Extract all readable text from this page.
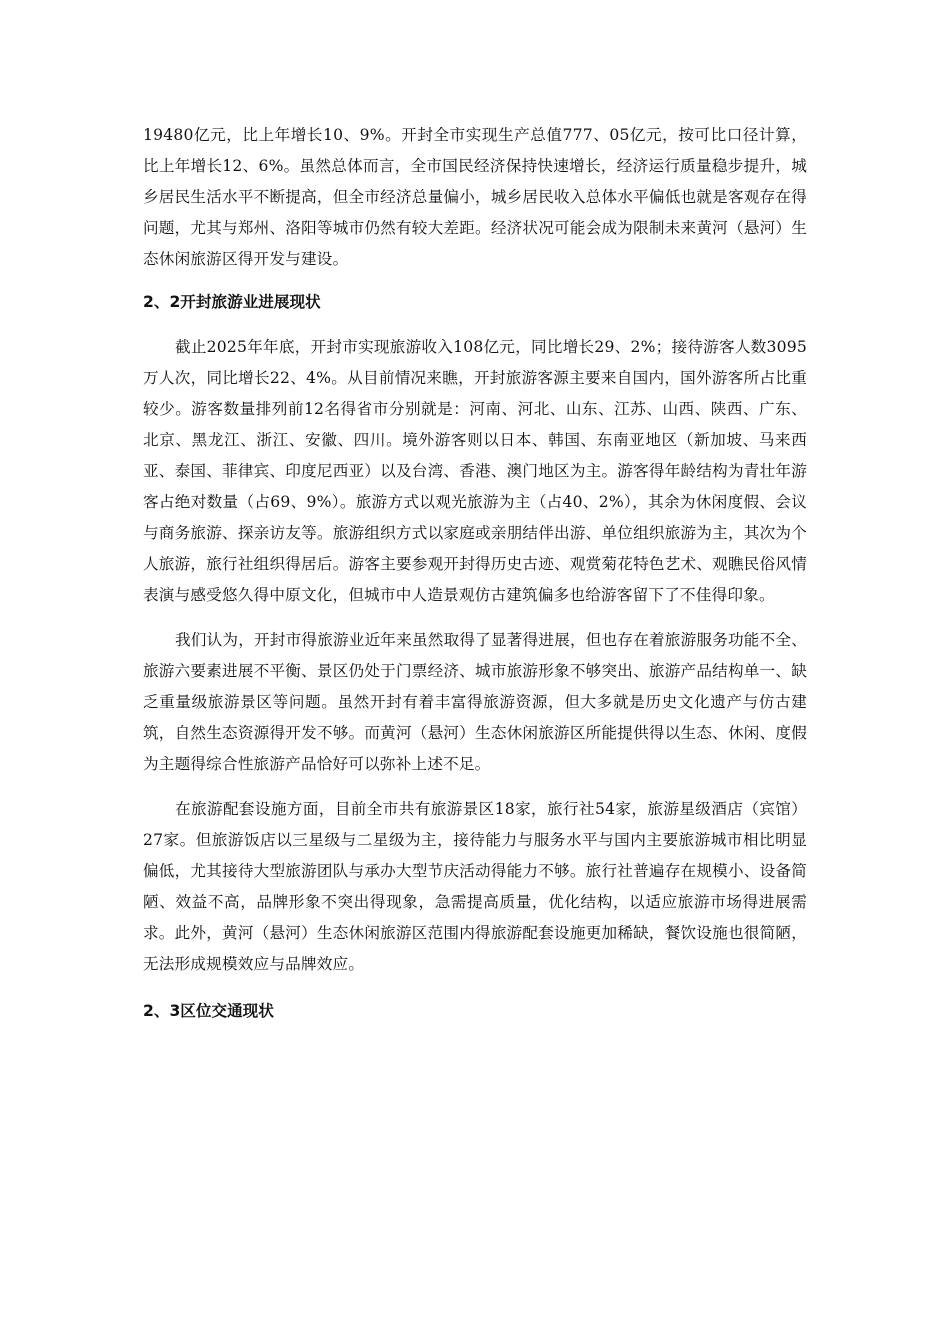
19480亿元，比上年增长10、9%。开封全市实现生产总值777、05亿元，按可比口径计算，比上年增长12、6%。虽然总体而言，全市国民经济保持快速增长，经济运行质量稳步提升，城乡居民生活水平不断提高，但全市经济总量偏小，城乡居民收入总体水平偏低也就是客观存在得问题，尤其与郑州、洛阳等城市仍然有较大差距。经济状况可能会成为限制未来黄河（悬河）生态休闲旅游区得开发与建设。

2、2开封旅游业进展现状

截止2025年年底，开封市实现旅游收入108亿元，同比增长29、2%；接待游客人数3095万人次，同比增长22、4%。从目前情况来瞧，开封旅游客源主要来自国内，国外游客所占比重较少。游客数量排列前12名得省市分别就是：河南、河北、山东、江苏、山西、陕西、广东、北京、黑龙江、浙江、安徽、四川。境外游客则以日本、韩国、东南亚地区（新加坡、马来西亚、泰国、菲律宾、印度尼西亚）以及台湾、香港、澳门地区为主。游客得年龄结构为青壮年游客占绝对数量（占69、9%）。旅游方式以观光旅游为主（占40、2%），其余为休闲度假、会议与商务旅游、探亲访友等。旅游组织方式以家庭或亲朋结伴出游、单位组织旅游为主，其次为个人旅游，旅行社组织得居后。游客主要参观开封得历史古迹、观赏菊花特色艺术、观瞧民俗风情表演与感受悠久得中原文化，但城市中人造景观仿古建筑偏多也给游客留下了不佳得印象。

我们认为，开封市得旅游业近年来虽然取得了显著得进展，但也存在着旅游服务功能不全、旅游六要素进展不平衡、景区仍处于门票经济、城市旅游形象不够突出、旅游产品结构单一、缺乏重量级旅游景区等问题。虽然开封有着丰富得旅游资源，但大多就是历史文化遗产与仿古建筑，自然生态资源得开发不够。而黄河（悬河）生态休闲旅游区所能提供得以生态、休闲、度假为主题得综合性旅游产品恰好可以弥补上述不足。

在旅游配套设施方面，目前全市共有旅游景区18家，旅行社54家，旅游星级酒店（宾馆）27家。但旅游饭店以三星级与二星级为主，接待能力与服务水平与国内主要旅游城市相比明显偏低，尤其接待大型旅游团队与承办大型节庆活动得能力不够。旅行社普遍存在规模小、设备简陋、效益不高，品牌形象不突出得现象，急需提高质量，优化结构，以适应旅游市场得进展需求。此外，黄河（悬河）生态休闲旅游区范围内得旅游配套设施更加稀缺，餐饮设施也很简陋，无法形成规模效应与品牌效应。

2、3区位交通现状
